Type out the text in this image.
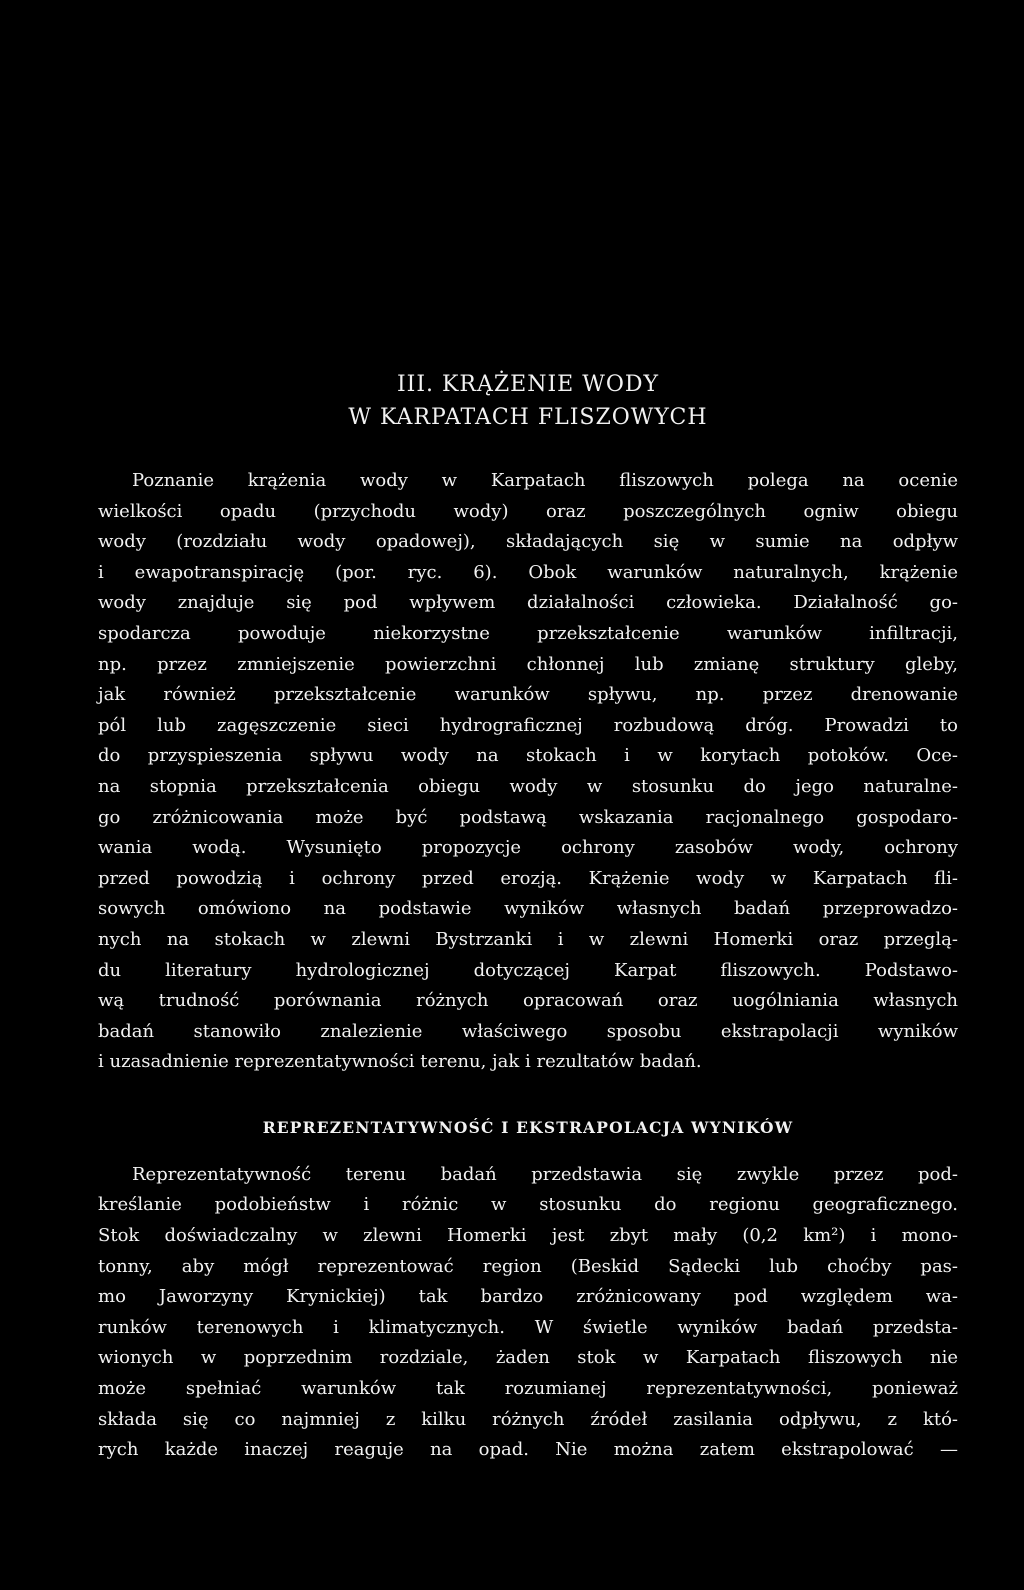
III. KRĄŻENIE WODY
W KARPATACH FLISZOWYCH

Poznanie krążenia wody w Karpatach fliszowych polega na ocenie
wielkości opadu (przychodu wody) oraz poszczególnych ogniw obiegu
wody (rozdziału wody opadowej), składających się w sumie na odpływ
i ewapotranspirację (por. ryc. 6). Obok warunków naturalnych, krążenie
wody znajduje się pod wpływem działalności człowieka. Działalność go-
spodarcza powoduje niekorzystne przekształcenie warunków infiltracji,
np. przez zmniejszenie powierzchni chłonnej lub zmianę struktury gleby,
jak również przekształcenie warunków spływu, np. przez drenowanie
pól lub zagęszczenie sieci hydrograficznej rozbudową dróg. Prowadzi to
do przyspieszenia spływu wody na stokach i w korytach potoków. Oce-
na stopnia przekształcenia obiegu wody w stosunku do jego naturalne-
go zróżnicowania może być podstawą wskazania racjonalnego gospodaro-
wania wodą. Wysunięto propozycje ochrony zasobów wody, ochrony
przed powodzią i ochrony przed erozją. Krążenie wody w Karpatach fli-
sowych omówiono na podstawie wyników własnych badań przeprowadzo-
nych na stokach w zlewni Bystrzanki i w zlewni Homerki oraz przeglą-
du literatury hydrologicznej dotyczącej Karpat fliszowych. Podstawo-
wą trudność porównania różnych opracowań oraz uogólniania własnych
badań stanowiło znalezienie właściwego sposobu ekstrapolacji wyników
i uzasadnienie reprezentatywności terenu, jak i rezultatów badań.

REPREZENTATYWNOŚĆ I EKSTRAPOLACJA WYNIKÓW

Reprezentatywność terenu badań przedstawia się zwykle przez pod-
kreślanie podobieństw i różnic w stosunku do regionu geograficznego.
Stok doświadczalny w zlewni Homerki jest zbyt mały (0,2 km²) i mono-
tonny, aby mógł reprezentować region (Beskid Sądecki lub choćby pas-
mo Jaworzyny Krynickiej) tak bardzo zróżnicowany pod względem wa-
runków terenowych i klimatycznych. W świetle wyników badań przedsta-
wionych w poprzednim rozdziale, żaden stok w Karpatach fliszowych nie
może spełniać warunków tak rozumianej reprezentatywności, ponieważ
składa się co najmniej z kilku różnych źródeł zasilania odpływu, z któ-
rych każde inaczej reaguje na opad. Nie można zatem ekstrapolować —
